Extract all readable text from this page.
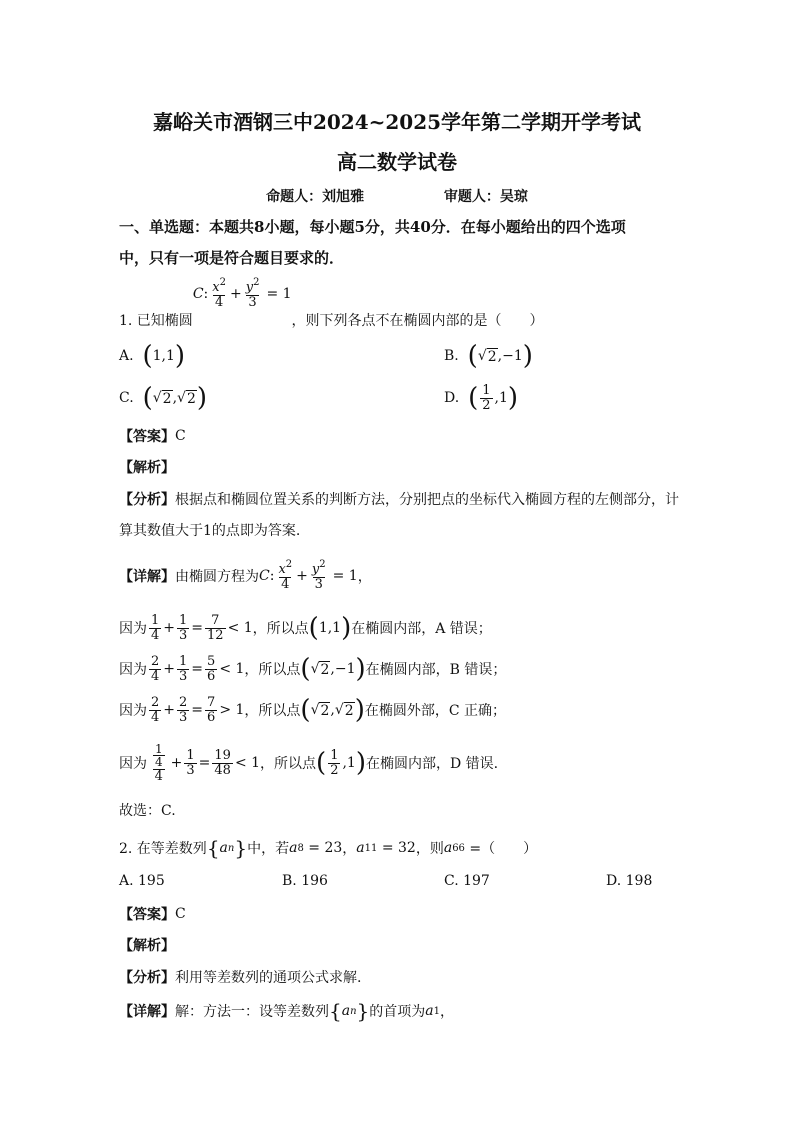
嘉峪关市酒钢三中2024~2025学年第二学期开学考试
高二数学试卷
命题人：刘旭雅	审题人：吴琼
一、单选题：本题共8小题，每小题5分，共40分．在每小题给出的四个选项
中，只有一项是符合题目要求的．
1. 已知椭圆
C : $\frac{x^2}{4} + \frac{y^2}{3} = 1$
，则下列各点不在椭圆内部的是（　　）
A.
( 1,1 )	B.
( √ 2 ,−1 )
C.
( √ 2 , √ 2 )	D.
( $\frac{1}{2} ,1$ )
【答案】 C
【解析】
【分析】 根据点和椭圆位置关系的判断方法，分别把点的坐标代入椭圆方程的左侧部分，计
算其数值大于1的点即为答案.
【详解】 由椭圆方程为 C : $\frac{x^2}{4} + \frac{y^2}{3} = 1$ ，
因为 $\frac{1}{4} + \frac{1}{3} = \frac{7}{12} < 1$ ，所以点 ( 1,1 ) 在椭圆内部，A 错误；
因为 $\frac{2}{4} + \frac{1}{3} = \frac{5}{6} < 1$ ，所以点 ( √ 2 ,−1 ) 在椭圆内部，B 错误；
因为 $\frac{2}{4} + \frac{2}{3} = \frac{7}{6} > 1$ ，所以点 ( √ 2 , √ 2 ) 在椭圆外部，C 正确；
因为 $\frac{\frac{1}{4}}{4} + \frac{1}{3} = \frac{19}{48} < 1$ ，所以点 ( $\frac{1}{2} ,1$ ) 在椭圆内部，D 错误.
故选：C.
2. 在等差数列 { a n } 中，若 a 8
= 23 ， a 11
= 32 ，则 a 66
=（　　）
A. 195	B. 196	C. 197	D. 198
【答案】 C
【解析】
【分析】 利用等差数列的通项公式求解.
【详解】 解：方法一：设等差数列 { a n } 的首项为 a 1 ，
